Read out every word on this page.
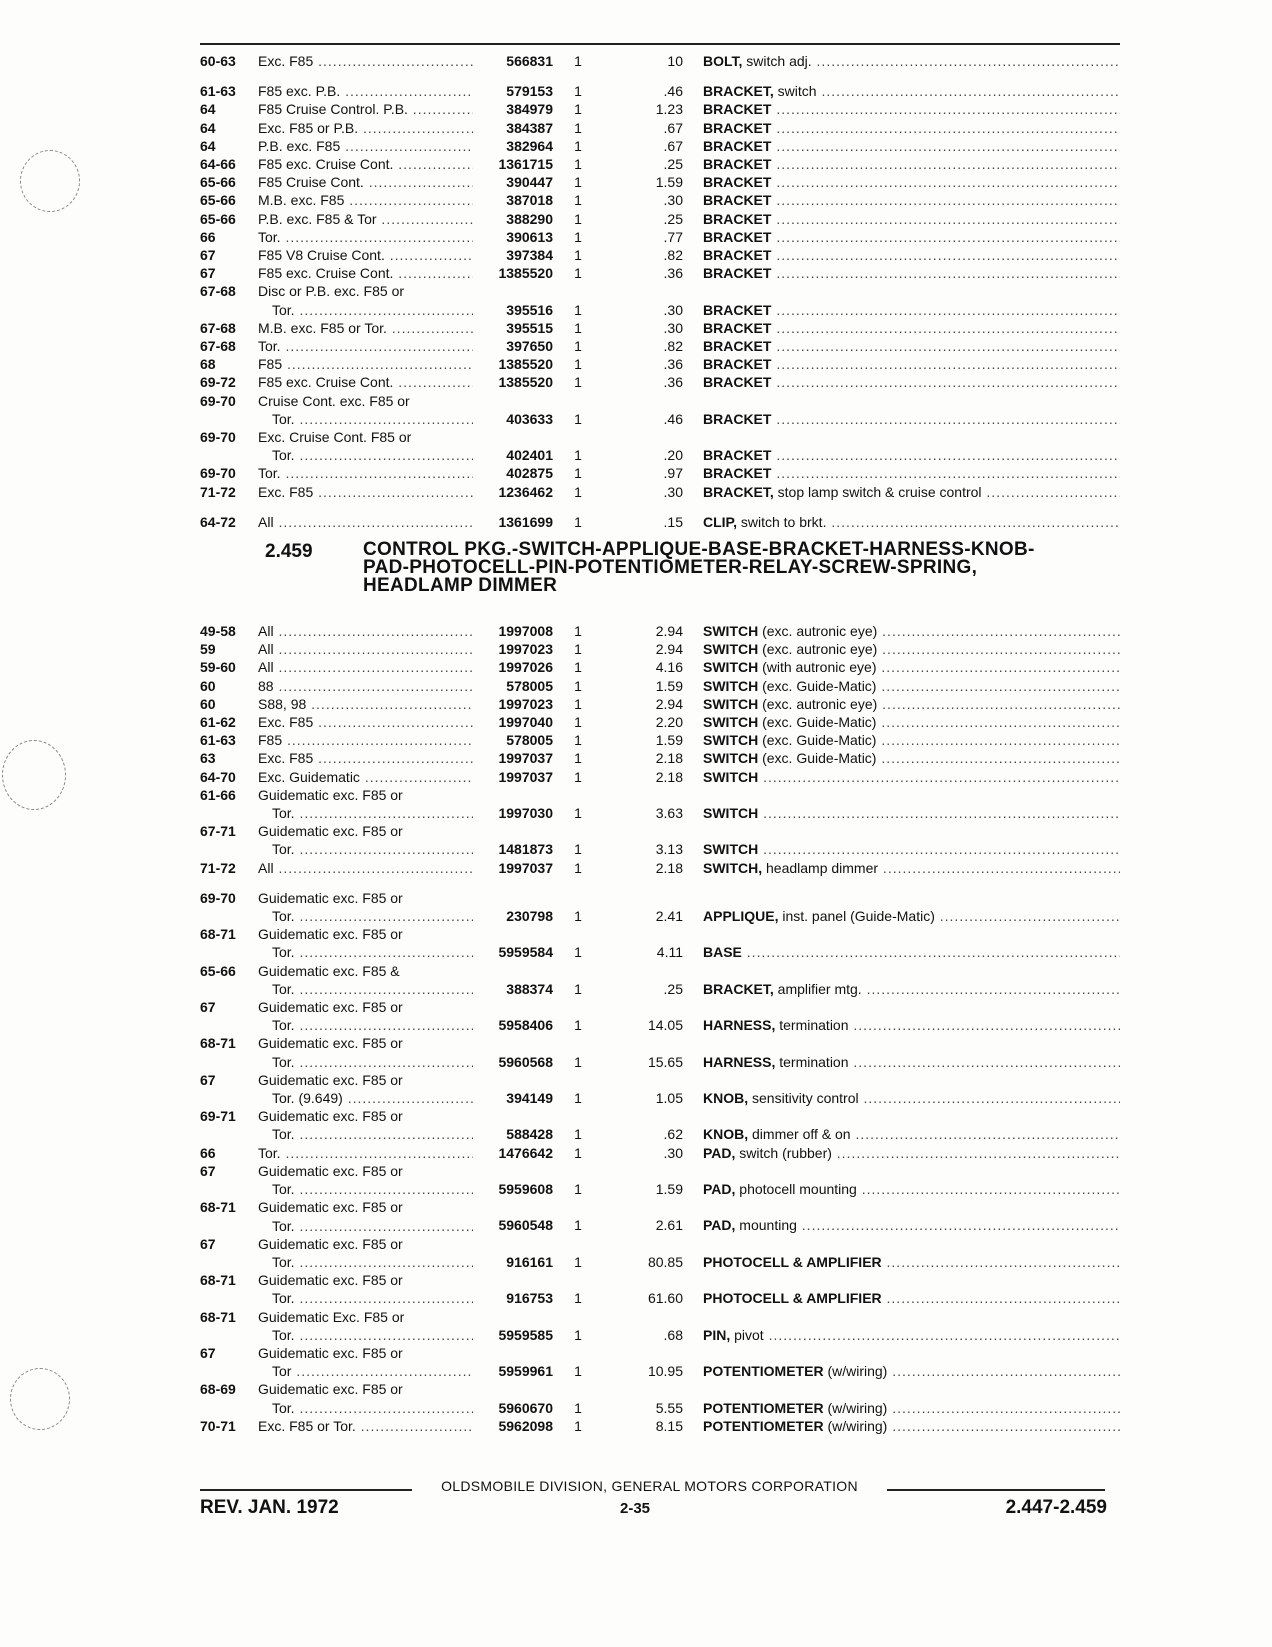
60-63	Exc. F85 .....	566831	1	10	BOLT, switch adj. .....
61-63	F85 exc. P.B. .....	579153	1	.46	BRACKET, switch .....
64	F85 Cruise Control. P.B. .....	384979	1	1.23	BRACKET .....
64	Exc. F85 or P.B. .....	384387	1	.67	BRACKET .....
64	P.B. exc. F85 .....	382964	1	.67	BRACKET .....
64-66	F85 exc. Cruise Cont. .....	1361715	1	.25	BRACKET .....
65-66	F85 Cruise Cont. .....	390447	1	1.59	BRACKET .....
65-66	M.B. exc. F85 .....	387018	1	.30	BRACKET .....
65-66	P.B. exc. F85 & Tor .....	388290	1	.25	BRACKET .....
66	Tor. .....	390613	1	.77	BRACKET .....
67	F85 V8 Cruise Cont. .....	397384	1	.82	BRACKET .....
67	F85 exc. Cruise Cont. .....	1385520	1	.36	BRACKET .....
67-68	Disc or P.B. exc. F85 or
Tor. .....	395516	1	.30	BRACKET .....
67-68	M.B. exc. F85 or Tor. .....	395515	1	.30	BRACKET .....
67-68	Tor. .....	397650	1	.82	BRACKET .....
68	F85 .....	1385520	1	.36	BRACKET .....
69-72	F85 exc. Cruise Cont. .....	1385520	1	.36	BRACKET .....
69-70	Cruise Cont. exc. F85 or
Tor. .....	403633	1	.46	BRACKET .....
69-70	Exc. Cruise Cont. F85 or
Tor. .....	402401	1	.20	BRACKET .....
69-70	Tor. .....	402875	1	.97	BRACKET .....
71-72	Exc. F85 .....	1236462	1	.30	BRACKET, stop lamp switch & cruise control .....
64-72	All .....	1361699	1	.15	CLIP, switch to brkt. .....
2.459	CONTROL PKG.-SWITCH-APPLIQUE-BASE-BRACKET-HARNESS-KNOB-
PAD-PHOTOCELL-PIN-POTENTIOMETER-RELAY-SCREW-SPRING,
HEADLAMP DIMMER
49-58	All .....	1997008	1	2.94	SWITCH (exc. autronic eye) .....
59	All .....	1997023	1	2.94	SWITCH (exc. autronic eye) .....
59-60	All .....	1997026	1	4.16	SWITCH (with autronic eye) .....
60	88 .....	578005	1	1.59	SWITCH (exc. Guide-Matic) .....
60	S88, 98 .....	1997023	1	2.94	SWITCH (exc. autronic eye) .....
61-62	Exc. F85 .....	1997040	1	2.20	SWITCH (exc. Guide-Matic) .....
61-63	F85 .....	578005	1	1.59	SWITCH (exc. Guide-Matic) .....
63	Exc. F85 .....	1997037	1	2.18	SWITCH (exc. Guide-Matic) .....
64-70	Exc. Guidematic .....	1997037	1	2.18	SWITCH .....
61-66	Guidematic exc. F85 or
Tor. .....	1997030	1	3.63	SWITCH .....
67-71	Guidematic exc. F85 or
Tor. .....	1481873	1	3.13	SWITCH .....
71-72	All .....	1997037	1	2.18	SWITCH, headlamp dimmer .....
69-70	Guidematic exc. F85 or
Tor. .....	230798	1	2.41	APPLIQUE, inst. panel (Guide-Matic) .....
68-71	Guidematic exc. F85 or
Tor. .....	5959584	1	4.11	BASE .....
65-66	Guidematic exc. F85 &
Tor. .....	388374	1	.25	BRACKET, amplifier mtg. .....
67	Guidematic exc. F85 or
Tor. .....	5958406	1	14.05	HARNESS, termination .....
68-71	Guidematic exc. F85 or
Tor. .....	5960568	1	15.65	HARNESS, termination .....
67	Guidematic exc. F85 or
Tor. (9.649) .....	394149	1	1.05	KNOB, sensitivity control .....
69-71	Guidematic exc. F85 or
Tor. .....	588428	1	.62	KNOB, dimmer off & on .....
66	Tor. .....	1476642	1	.30	PAD, switch (rubber) .....
67	Guidematic exc. F85 or
Tor. .....	5959608	1	1.59	PAD, photocell mounting .....
68-71	Guidematic exc. F85 or
Tor. .....	5960548	1	2.61	PAD, mounting .....
67	Guidematic exc. F85 or
Tor. .....	916161	1	80.85	PHOTOCELL & AMPLIFIER .....
68-71	Guidematic exc. F85 or
Tor. .....	916753	1	61.60	PHOTOCELL & AMPLIFIER .....
68-71	Guidematic Exc. F85 or
Tor. .....	5959585	1	.68	PIN, pivot .....
67	Guidematic exc. F85 or
Tor .....	5959961	1	10.95	POTENTIOMETER (w/wiring) .....
68-69	Guidematic exc. F85 or
Tor. .....	5960670	1	5.55	POTENTIOMETER (w/wiring) .....
70-71	Exc. F85 or Tor. .....	5962098	1	8.15	POTENTIOMETER (w/wiring) .....
OLDSMOBILE DIVISION, GENERAL MOTORS CORPORATION
REV. JAN. 1972	2-35	2.447-2.459
